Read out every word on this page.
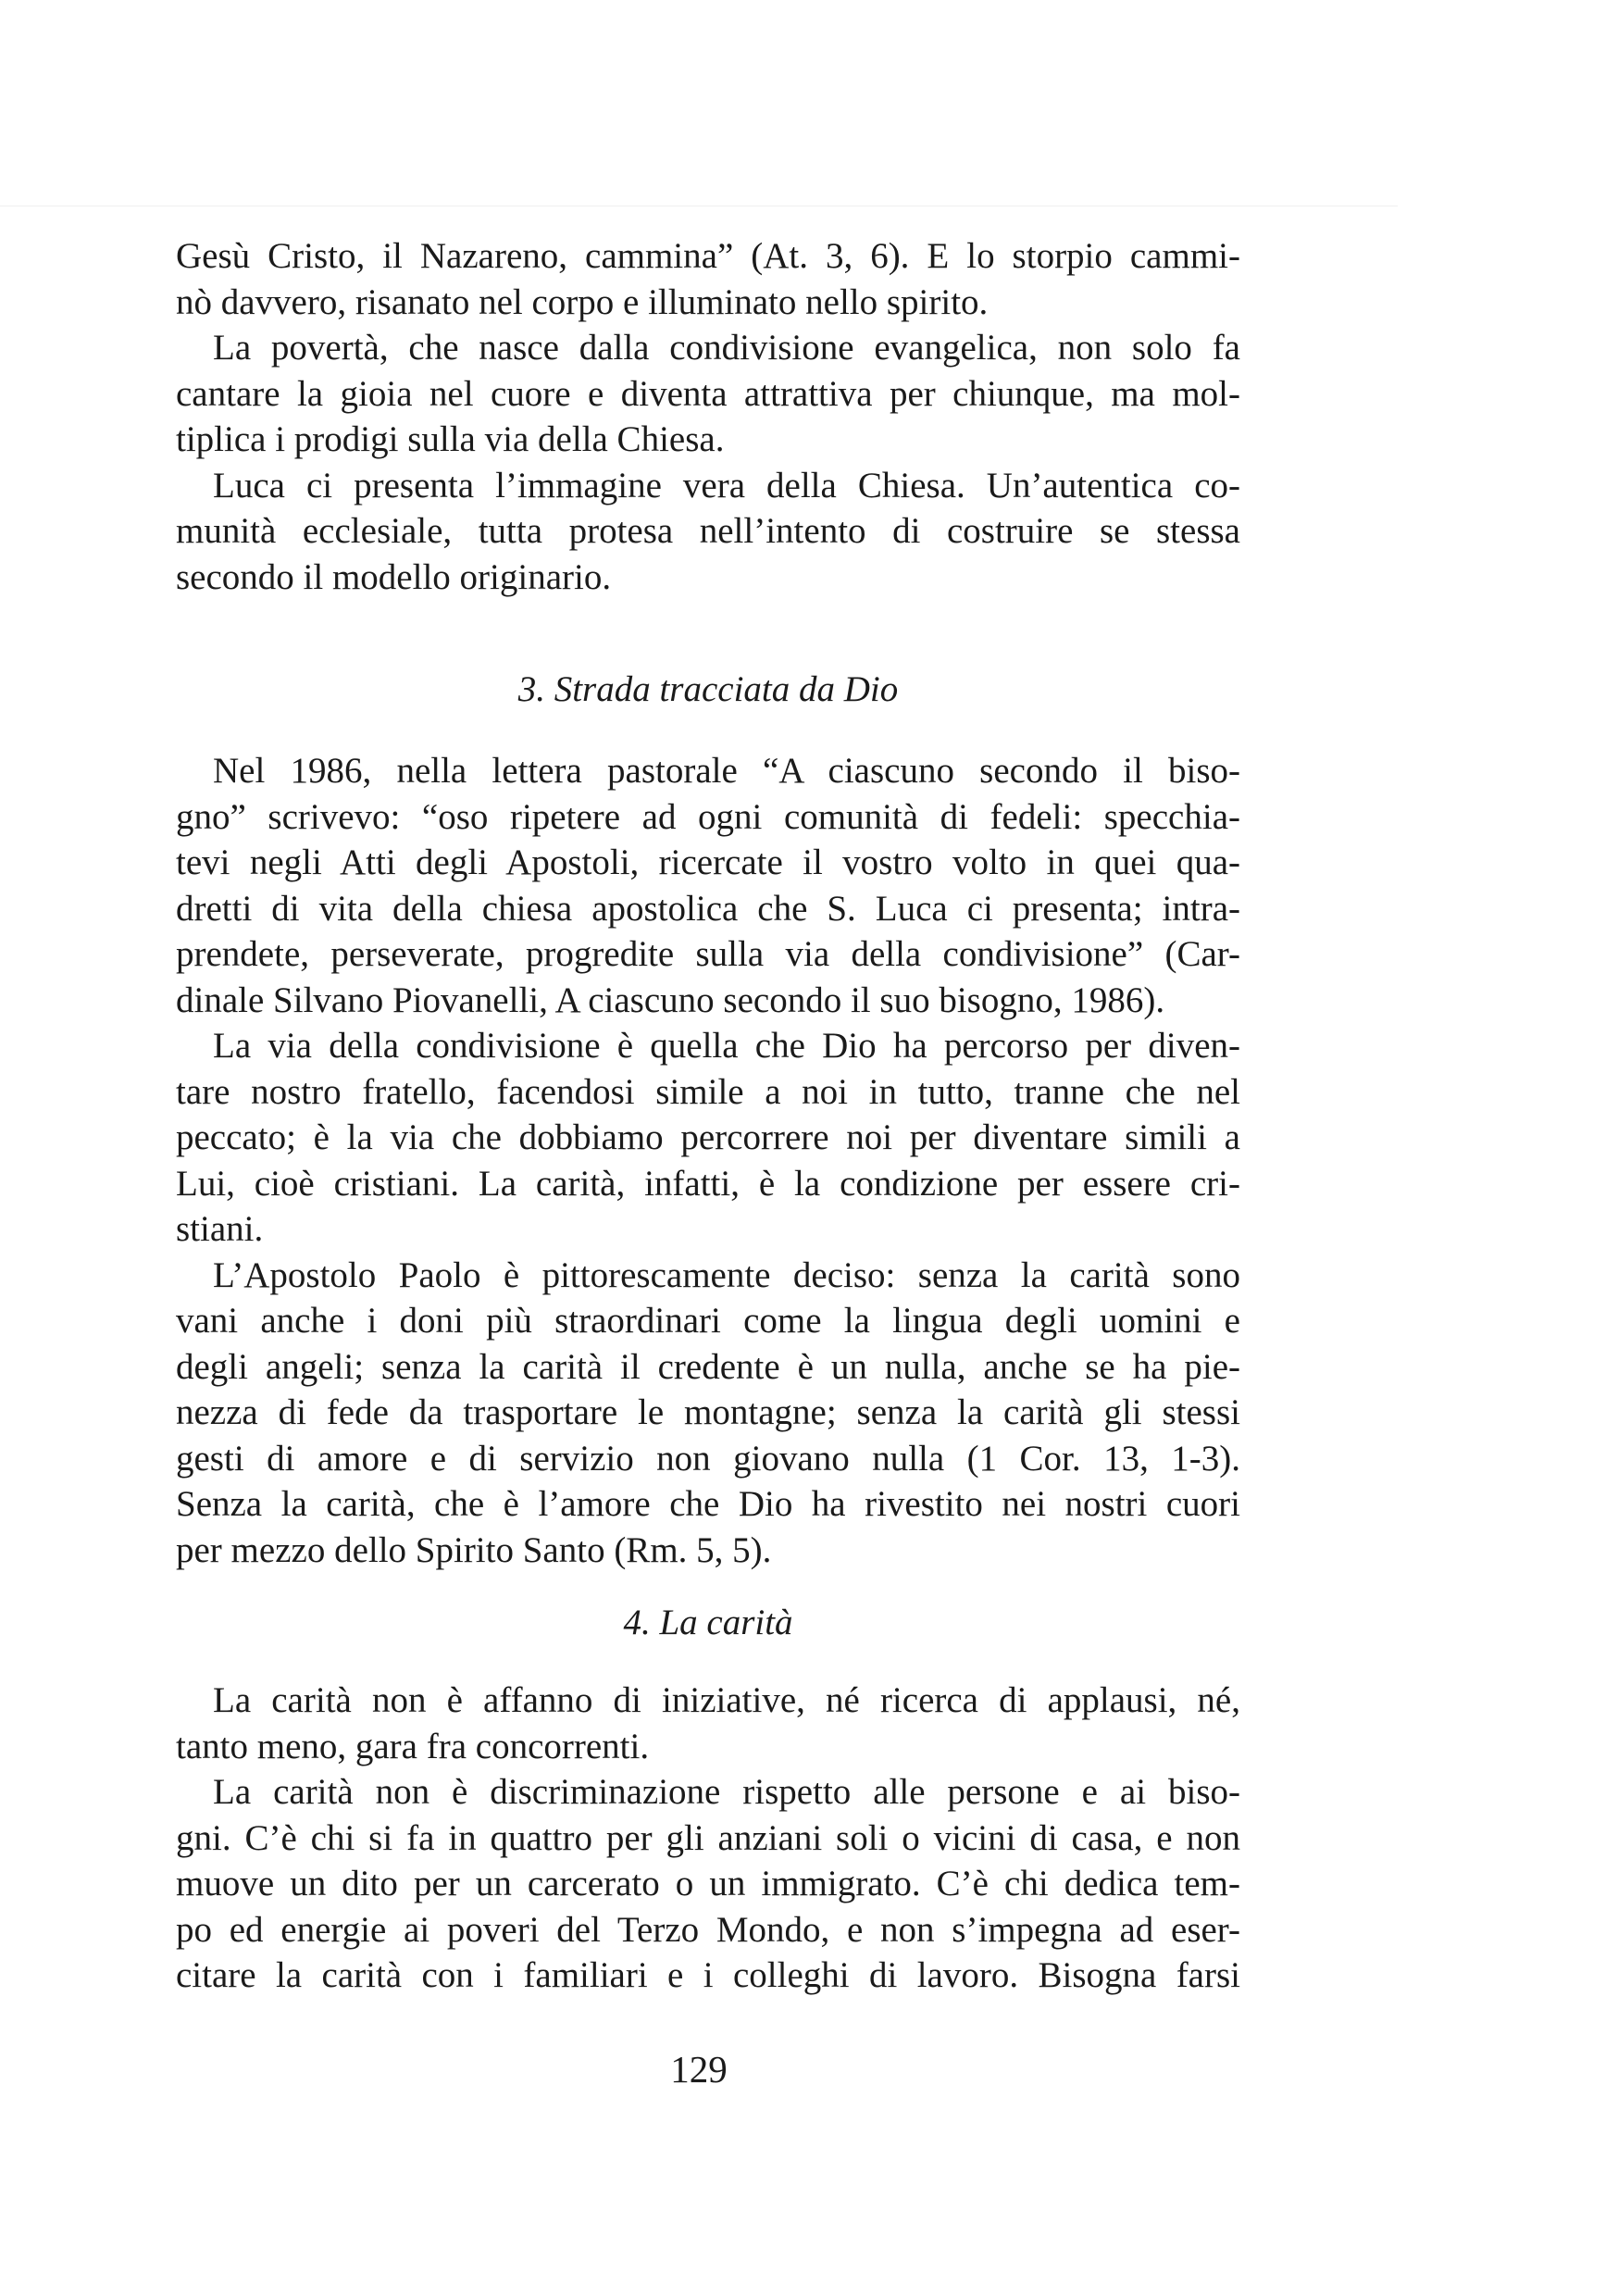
Gesù Cristo, il Nazareno, cammina” (At. 3, 6). E lo storpio cammi-
nò davvero, risanato nel corpo e illuminato nello spirito.
La povertà, che nasce dalla condivisione evangelica, non solo fa
cantare la gioia nel cuore e diventa attrattiva per chiunque, ma mol-
tiplica i prodigi sulla via della Chiesa.
Luca ci presenta l’immagine vera della Chiesa. Un’autentica co-
munità ecclesiale, tutta protesa nell’intento di costruire se stessa
secondo il modello originario.
3. Strada tracciata da Dio
Nel 1986, nella lettera pastorale “A ciascuno secondo il biso-
gno” scrivevo: “oso ripetere ad ogni comunità di fedeli: specchia-
tevi negli Atti degli Apostoli, ricercate il vostro volto in quei qua-
dretti di vita della chiesa apostolica che S. Luca ci presenta; intra-
prendete, perseverate, progredite sulla via della condivisione” (Car-
dinale Silvano Piovanelli, A ciascuno secondo il suo bisogno, 1986).
La via della condivisione è quella che Dio ha percorso per diven-
tare nostro fratello, facendosi simile a noi in tutto, tranne che nel
peccato; è la via che dobbiamo percorrere noi per diventare simili a
Lui, cioè cristiani. La carità, infatti, è la condizione per essere cri-
stiani.
L’Apostolo Paolo è pittorescamente deciso: senza la carità sono
vani anche i doni più straordinari come la lingua degli uomini e
degli angeli; senza la carità il credente è un nulla, anche se ha pie-
nezza di fede da trasportare le montagne; senza la carità gli stessi
gesti di amore e di servizio non giovano nulla (1 Cor. 13, 1-3).
Senza la carità, che è l’amore che Dio ha rivestito nei nostri cuori
per mezzo dello Spirito Santo (Rm. 5, 5).
4. La carità
La carità non è affanno di iniziative, né ricerca di applausi, né,
tanto meno, gara fra concorrenti.
La carità non è discriminazione rispetto alle persone e ai biso-
gni. C’è chi si fa in quattro per gli anziani soli o vicini di casa, e non
muove un dito per un carcerato o un immigrato. C’è chi dedica tem-
po ed energie ai poveri del Terzo Mondo, e non s’impegna ad eser-
citare la carità con i familiari e i colleghi di lavoro. Bisogna farsi
129
